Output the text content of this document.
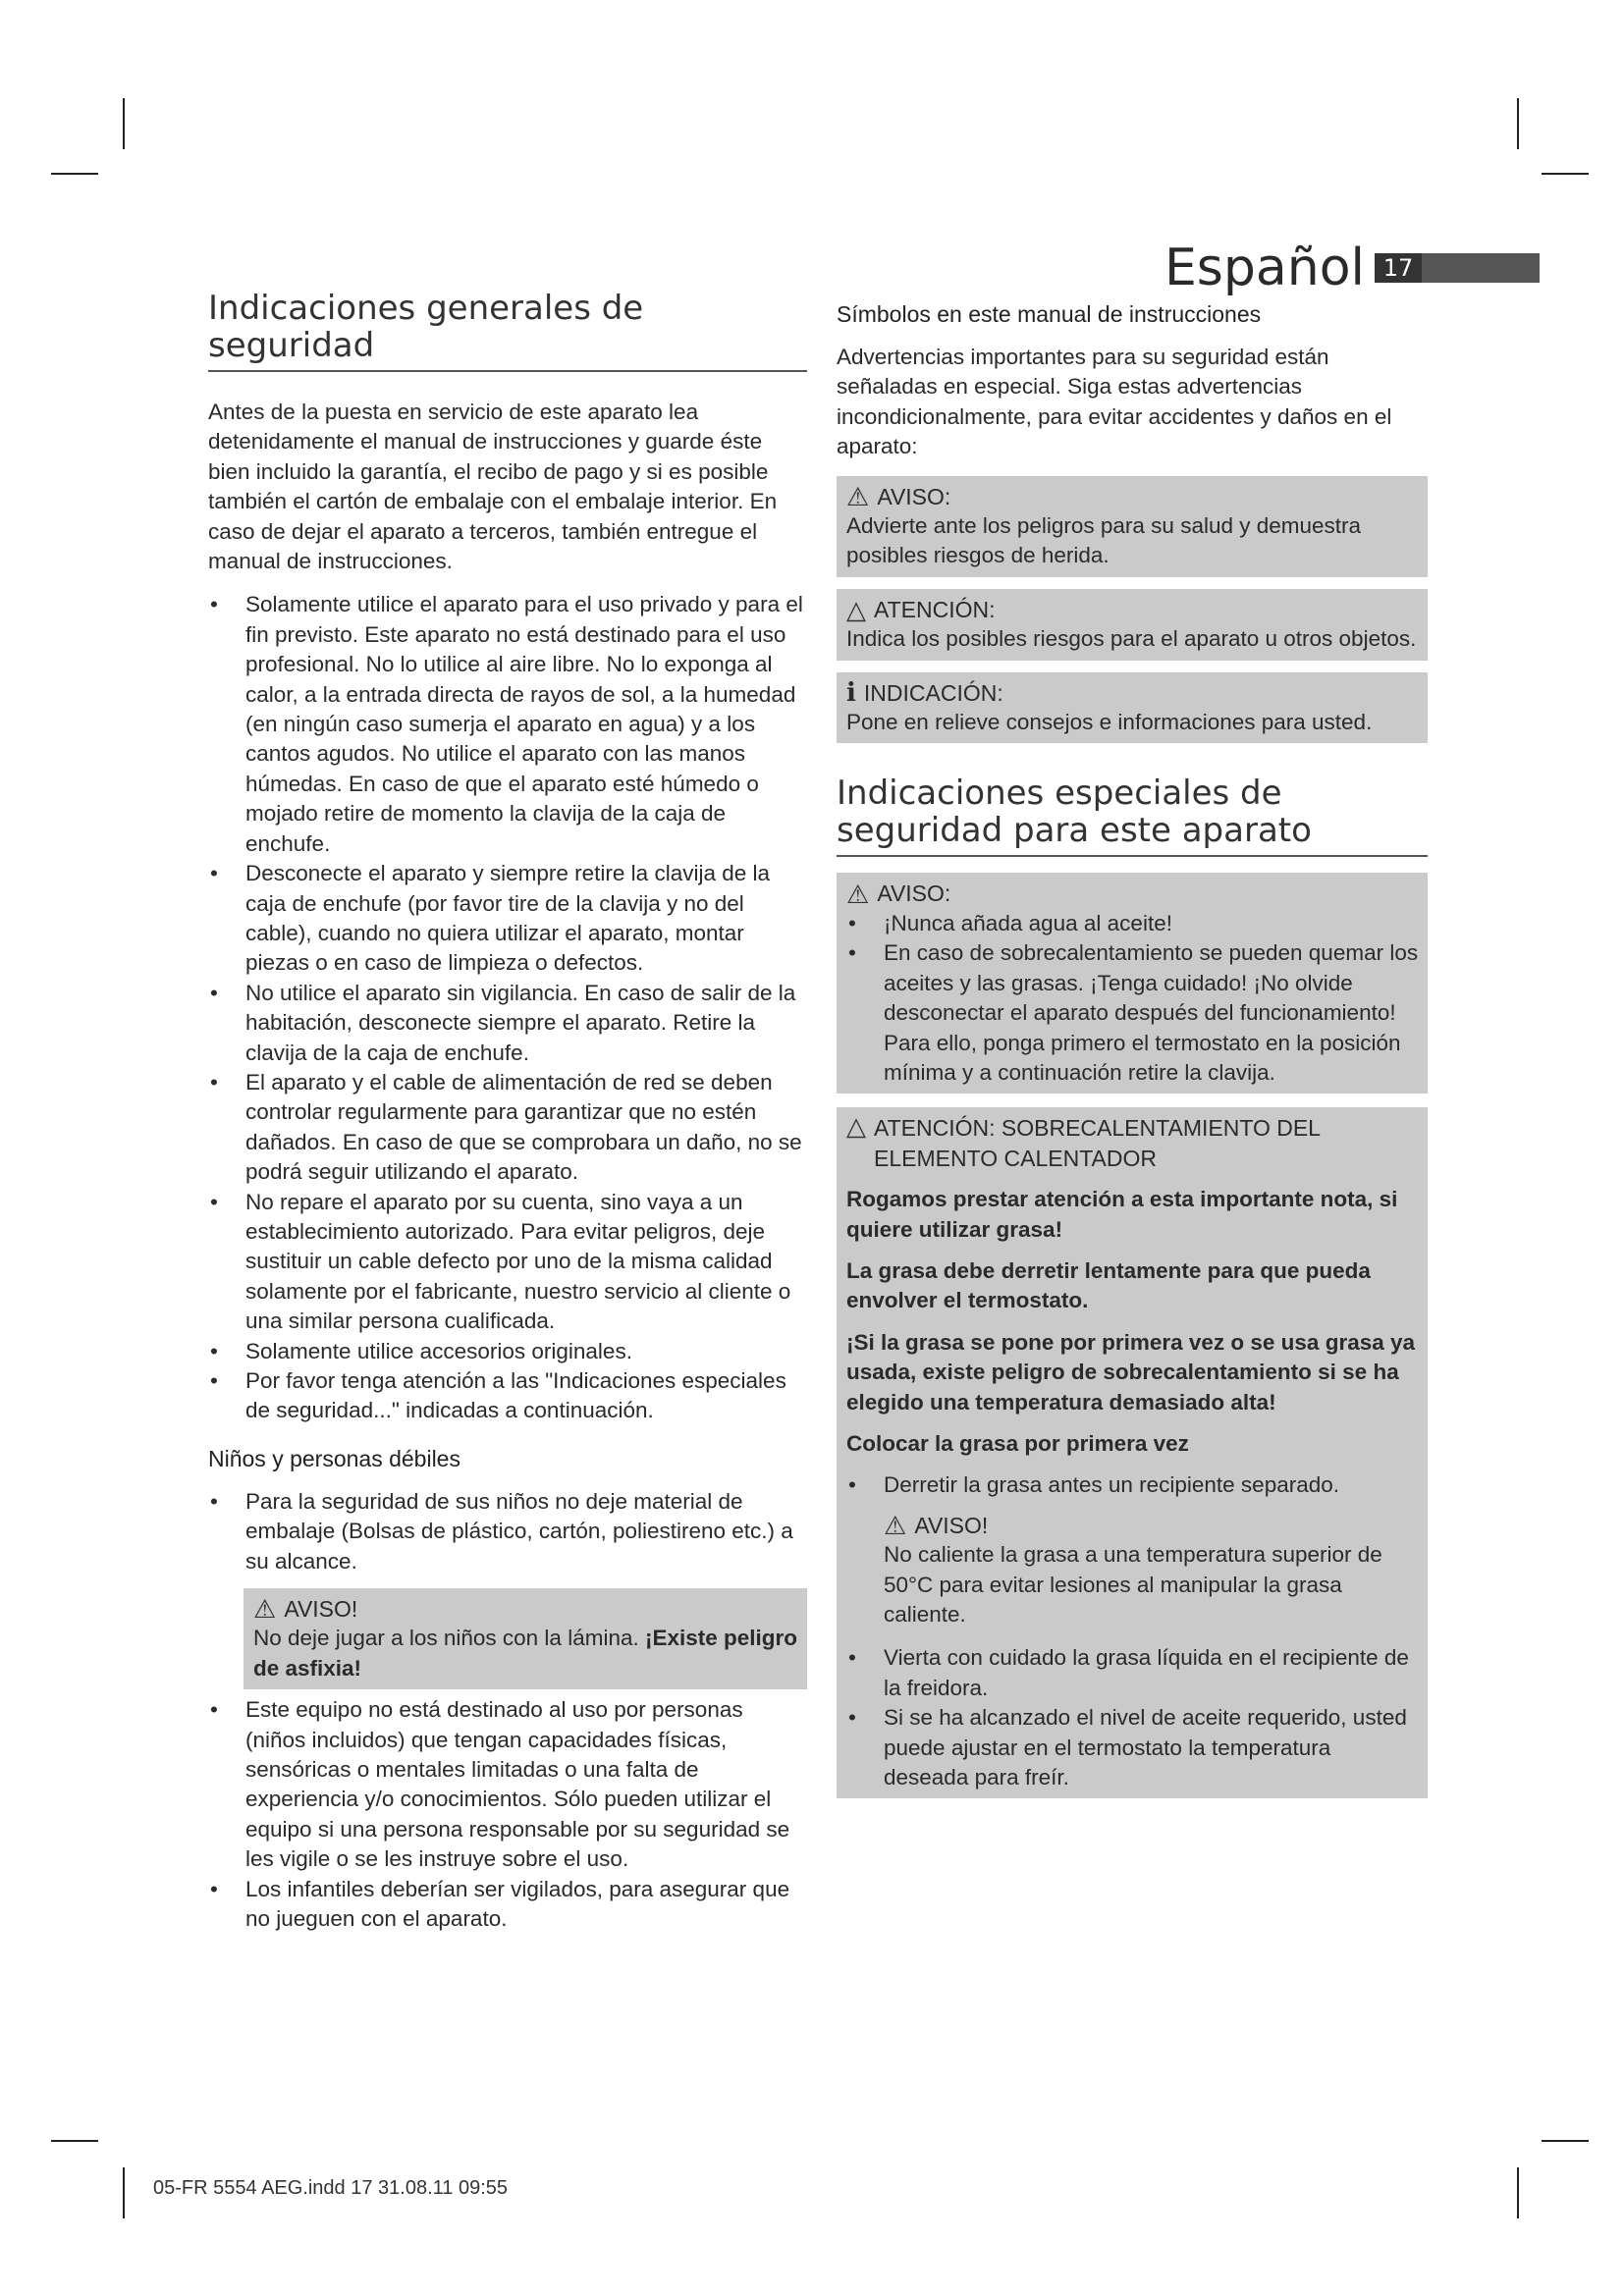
Español 17
Indicaciones generales de seguridad

Antes de la puesta en servicio de este aparato lea detenidamente el manual de instrucciones y guarde éste bien incluido la garantía, el recibo de pago y si es posible también el cartón de embalaje con el embalaje interior. En caso de dejar el aparato a terceros, también entregue el manual de instrucciones.

• Solamente utilice el aparato para el uso privado y para el fin previsto. Este aparato no está destinado para el uso profesional. No lo utilice al aire libre. No lo exponga al calor, a la entrada directa de rayos de sol, a la humedad (en ningún caso sumerja el aparato en agua) y a los cantos agudos. No utilice el aparato con las manos húmedas. En caso de que el aparato esté húmedo o mojado retire de momento la clavija de la caja de enchufe.
• Desconecte el aparato y siempre retire la clavija de la caja de enchufe (por favor tire de la clavija y no del cable), cuando no quiera utilizar el aparato, montar piezas o en caso de limpieza o defectos.
• No utilice el aparato sin vigilancia. En caso de salir de la habitación, desconecte siempre el aparato. Retire la clavija de la caja de enchufe.
• El aparato y el cable de alimentación de red se deben controlar regularmente para garantizar que no estén dañados. En caso de que se comprobara un daño, no se podrá seguir utilizando el aparato.
• No repare el aparato por su cuenta, sino vaya a un establecimiento autorizado. Para evitar peligros, deje sustituir un cable defecto por uno de la misma calidad solamente por el fabricante, nuestro servicio al cliente o una similar persona cualificada.
• Solamente utilice accesorios originales.
• Por favor tenga atención a las "Indicaciones especiales de seguridad..." indicadas a continuación.
Niños y personas débiles
• Para la seguridad de sus niños no deje material de embalaje (Bolsas de plástico, cartón, poliestireno etc.) a su alcance.
⚠ AVISO!

No deje jugar a los niños con la lámina. ¡Existe peligro de asfixia!

• Este equipo no está destinado al uso por personas (niños incluidos) que tengan capacidades físicas, sensóricas o mentales limitadas o una falta de experiencia y/o conocimientos. Sólo pueden utilizar el equipo si una persona responsable por su seguridad se les vigile o se les instruye sobre el uso.
• Los infantiles deberían ser vigilados, para asegurar que no jueguen con el aparato.
Símbolos en este manual de instrucciones

Advertencias importantes para su seguridad están señaladas en especial. Siga estas advertencias incondicionalmente, para evitar accidentes y daños en el aparato:

⚠ AVISO:

Advierte ante los peligros para su salud y demuestra posibles riesgos de herida.

△ ATENCIÓN:

Indica los posibles riesgos para el aparato u otros objetos.

i INDICACIÓN:

Pone en relieve consejos e informaciones para usted.

Indicaciones especiales de seguridad para este aparato
⚠ AVISO:
• ¡Nunca añada agua al aceite!
• En caso de sobrecalentamiento se pueden quemar los aceites y las grasas. ¡Tenga cuidado! ¡No olvide desconectar el aparato después del funcionamiento! Para ello, ponga primero el termostato en la posición mínima y a continuación retire la clavija.
△ ATENCIÓN: SOBRECALENTAMIENTO DEL ELEMENTO CALENTADOR

Rogamos prestar atención a esta importante nota, si quiere utilizar grasa!

La grasa debe derretir lentamente para que pueda envolver el termostato.

¡Si la grasa se pone por primera vez o se usa grasa ya usada, existe peligro de sobrecalentamiento si se ha elegido una temperatura demasiado alta!

Colocar la grasa por primera vez

• Derretir la grasa antes un recipiente separado.
⚠ AVISO!

No caliente la grasa a una temperatura superior de 50°C para evitar lesiones al manipular la grasa caliente.

• Vierta con cuidado la grasa líquida en el recipiente de la freidora.
• Si se ha alcanzado el nivel de aceite requerido, usted puede ajustar en el termostato la temperatura deseada para freír.
05-FR 5554 AEG.indd 17 31.08.11 09:55
